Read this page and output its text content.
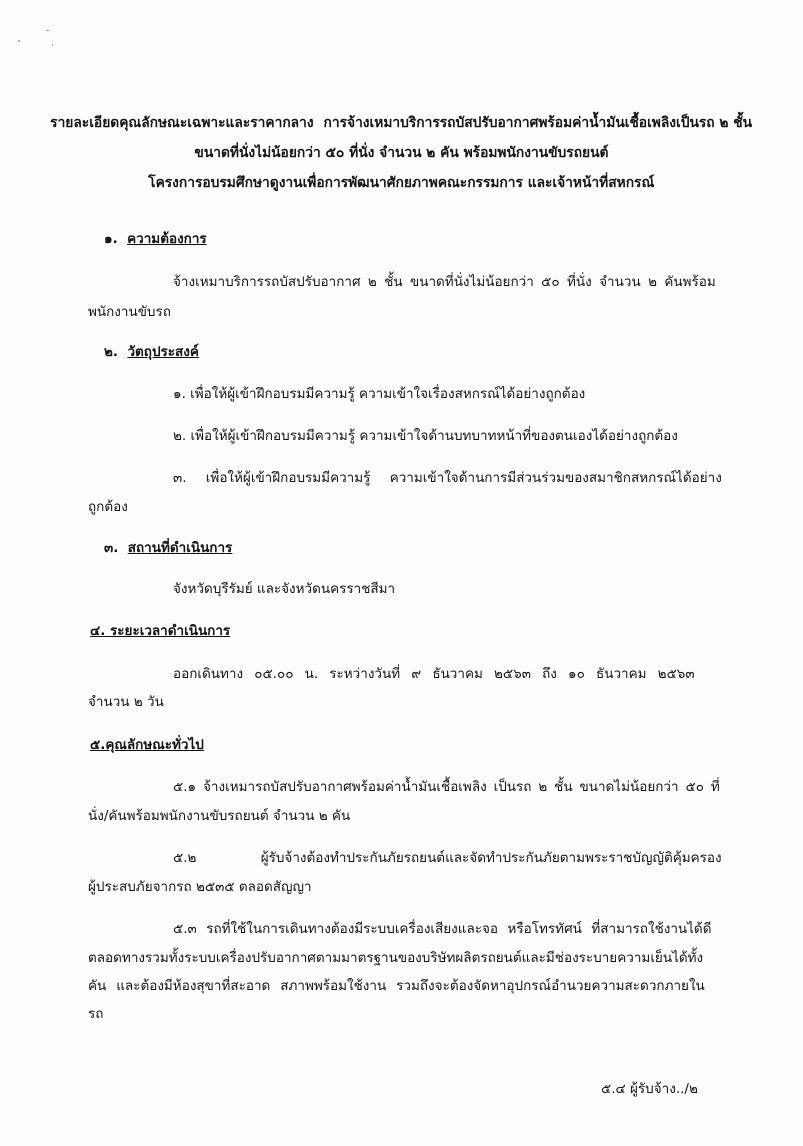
รายละเอียดคุณลักษณะเฉพาะและราคากลาง การจ้างเหมาบริการรถบัสปรับอากาศพร้อมค่าน้ำมันเชื้อเพลิงเป็นรถ ๒ ชั้น ขนาดที่นั่งไม่น้อยกว่า ๕๐ ที่นั่ง จำนวน ๒ คัน พร้อมพนักงานขับรถยนต์ โครงการอบรมศึกษาดูงานเพื่อการพัฒนาศักยภาพคณะกรรมการ และเจ้าหน้าที่สหกรณ์
๑. ความต้องการ
จ้างเหมาบริการรถบัสปรับอากาศ ๒ ชั้น ขนาดที่นั่งไม่น้อยกว่า ๕๐ ที่นั่ง จำนวน ๒ คันพร้อม
พนักงานขับรถ
๒. วัตถุประสงค์
๑. เพื่อให้ผู้เข้าฝึกอบรมมีความรู้ ความเข้าใจเรื่องสหกรณ์ได้อย่างถูกต้อง
๒. เพื่อให้ผู้เข้าฝึกอบรมมีความรู้ ความเข้าใจด้านบทบาทหน้าที่ของตนเองได้อย่างถูกต้อง
๓. เพื่อให้ผู้เข้าฝึกอบรมมีความรู้ ความเข้าใจด้านการมีส่วนร่วมของสมาชิกสหกรณ์ได้อย่าง
ถูกต้อง
๓. สถานที่ดำเนินการ
จังหวัดบุรีรัมย์ และจังหวัดนครราชสีมา
๔. ระยะเวลาดำเนินการ
ออกเดินทาง ๐๕.๐๐ น. ระหว่างวันที่ ๙ ธันวาคม ๒๕๖๓ ถึง ๑๐ ธันวาคม ๒๕๖๓
จำนวน ๒ วัน
๕.คุณลักษณะทั่วไป
๕.๑ จ้างเหมารถบัสปรับอากาศพร้อมค่าน้ำมันเชื้อเพลิง เป็นรถ ๒ ชั้น ขนาดไม่น้อยกว่า ๕๐ ที่
นั่ง/คันพร้อมพนักงานขับรถยนต์ จำนวน ๒ คัน
๕.๒ ผู้รับจ้างต้องทำประกันภัยรถยนต์และจัดทำประกันภัยตามพระราชบัญญัติคุ้มครอง
ผู้ประสบภัยจากรถ ๒๕๓๕ ตลอดสัญญา
๕.๓ รถที่ใช้ในการเดินทางต้องมีระบบเครื่องเสียงและจอ หรือโทรทัศน์ ที่สามารถใช้งานได้ดี
ตลอดทางรวมทั้งระบบเครื่องปรับอากาศตามมาตรฐานของบริษัทผลิตรถยนต์และมีช่องระบายความเย็นได้ทั้ง
คัน และต้องมีห้องสุขาที่สะอาด สภาพพร้อมใช้งาน รวมถึงจะต้องจัดหาอุปกรณ์อำนวยความสะดวกภายใน
รถ
๕.๔ ผู้รับจ้าง../๒
